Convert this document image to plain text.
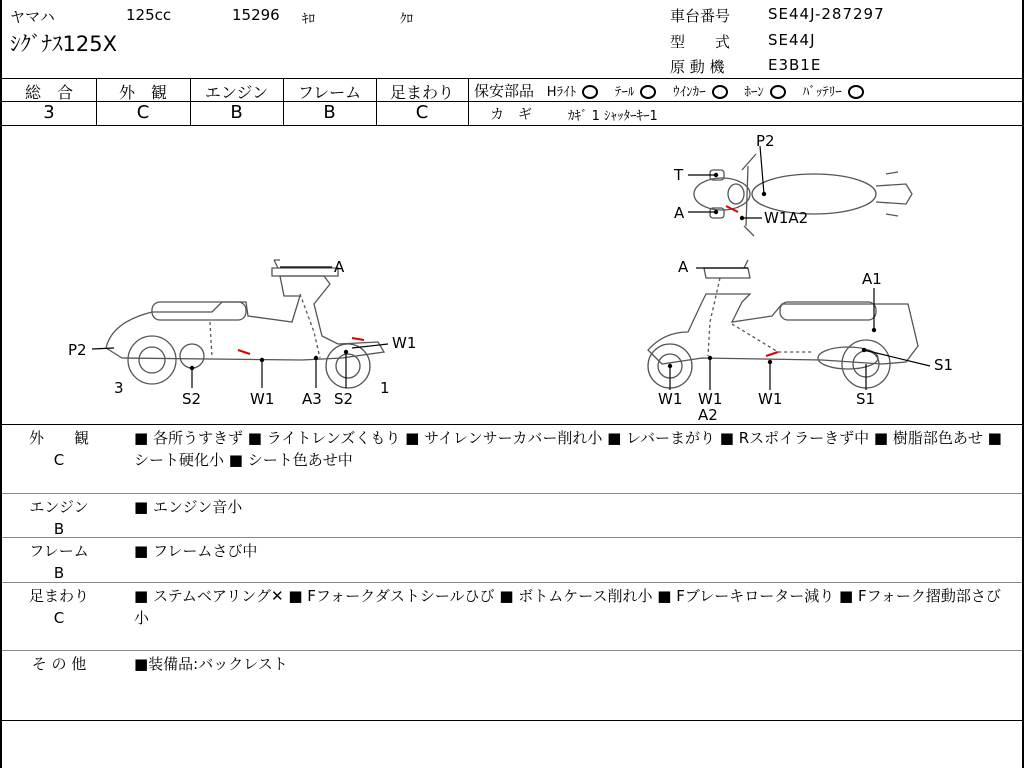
ヤマハ	125cc	15296 ｷﾛ	ｸﾛ
ｼｸﾞﾅｽ125X
車台番号	SE44J-287297
型　　式	SE44J
原 動 機	E3B1E
総　合	外　観	エンジン	フレーム	足まわり
3	C	B	B	C
保安部品 Hﾗｲﾄ	ﾃｰﾙ	ｳｲﾝｶｰ	ﾎｰﾝ	ﾊﾞｯﾃﾘｰ
カ　ギ	ｶｷﾞ 1 ｼｬｯﾀｰｷｰ1
A
P2	W1
3
S2	W1 A3 S2
1
P2
T
A	W1A2
A
A1
S1
W1 W1
A2
W1	S1
外　　観
C
■ 各所うすきず ■ ライトレンズくもり ■ サイレンサーカバー削れ小 ■ レバーまがり ■ Rスポイラーきず中 ■ 樹脂部色あせ ■ シート硬化小 ■ シート色あせ中
エンジン
B
■ エンジン音小
フレーム
B
■ フレームさび中
足まわり
C
■ ステムベアリング✕ ■ Fフォークダストシールひび ■ ボトムケース削れ小 ■ Fブレーキローター減り ■ Fフォーク摺動部さび小
そ の 他	■装備品:バックレスト
